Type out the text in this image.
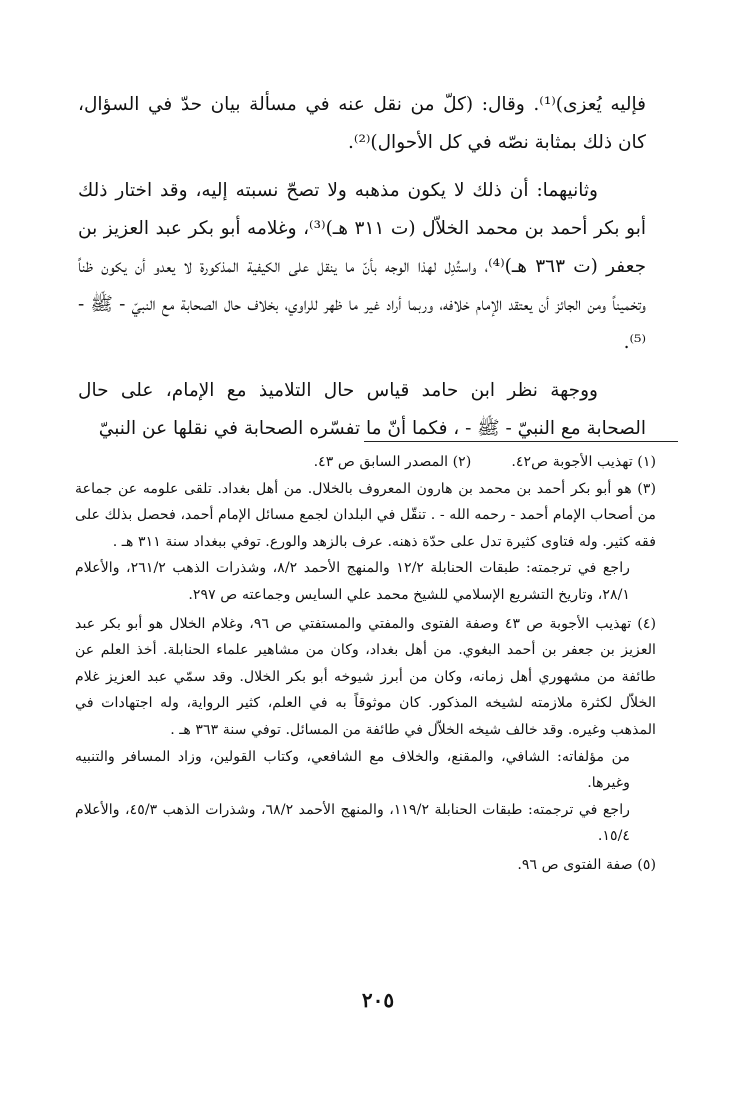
فإليه يُعزى)⁽¹⁾. وقال: (كلّ من نقل عنه في مسألة بيان حدّ في السؤال، كان ذلك بمثابة نصّه في كل الأحوال)⁽²⁾.

وثانيهما: أن ذلك لا يكون مذهبه ولا تصحّ نسبته إليه، وقد اختار ذلك أبو بكر أحمد بن محمد الخلاّل (ت ٣١١ هـ)⁽³⁾، وغلامه أبو بكر عبد العزيز بن جعفر (ت ٣٦٣ هـ)⁽⁴⁾، واستُدِل لهذا الوجه بأنّ ما ينقل على الكيفية المذكورة لا يعدو أن يكون ظناً وتخميناً ومن الجائز أن يعتقد الإمام خلافه، وربما أراد غير ما ظهر للراوي، بخلاف حال الصحابة مع النبيّ - ﷺ - ⁽⁵⁾.

ووجهة نظر ابن حامد قياس حال التلاميذ مع الإمام، على حال الصحابة مع النبيّ - ﷺ - ، فكما أنّ ما تفسّره الصحابة في نقلها عن النبيّ

(١) تهذيب الأجوبة ص٤٢.
(٢) المصدر السابق ص ٤٣.

(٣) هو أبو بكر أحمد بن محمد بن هارون المعروف بالخلال. من أهل بغداد. تلقى علومه عن جماعة من أصحاب الإمام أحمد - رحمه الله - . تنقّل في البلدان لجمع مسائل الإمام أحمد، فحصل بذلك على فقه كثير. وله فتاوى كثيرة تدل على حدّة ذهنه. عرف بالزهد والورع. توفي ببغداد سنة ٣١١ هـ .

راجع في ترجمته: طبقات الحنابلة ١٢/٢ والمنهج الأحمد ٨/٢، وشذرات الذهب ٢٦١/٢، والأعلام ٢٨/١، وتاريخ التشريع الإسلامي للشيخ محمد علي السايس وجماعته ص ٢٩٧.

(٤) تهذيب الأجوبة ص ٤٣ وصفة الفتوى والمفتي والمستفتي ص ٩٦، وغلام الخلال هو أبو بكر عبد العزيز بن جعفر بن أحمد البغوي. من أهل بغداد، وكان من مشاهير علماء الحنابلة. أخذ العلم عن طائفة من مشهوري أهل زمانه، وكان من أبرز شيوخه أبو بكر الخلال. وقد سمّي عبد العزيز غلام الخلاّل لكثرة ملازمته لشيخه المذكور. كان موثوقاً به في العلم، كثير الرواية، وله اجتهادات في المذهب وغيره. وقد خالف شيخه الخلاّل في طائفة من المسائل. توفي سنة ٣٦٣ هـ .

من مؤلفاته: الشافي، والمقنع، والخلاف مع الشافعي، وكتاب القولين، وزاد المسافر والتنبيه وغيرها.

راجع في ترجمته: طبقات الحنابلة ١١٩/٢، والمنهج الأحمد ٦٨/٢، وشذرات الذهب ٤٥/٣، والأعلام ١٥/٤.

(٥) صفة الفتوى ص ٩٦.

٢٠٥
